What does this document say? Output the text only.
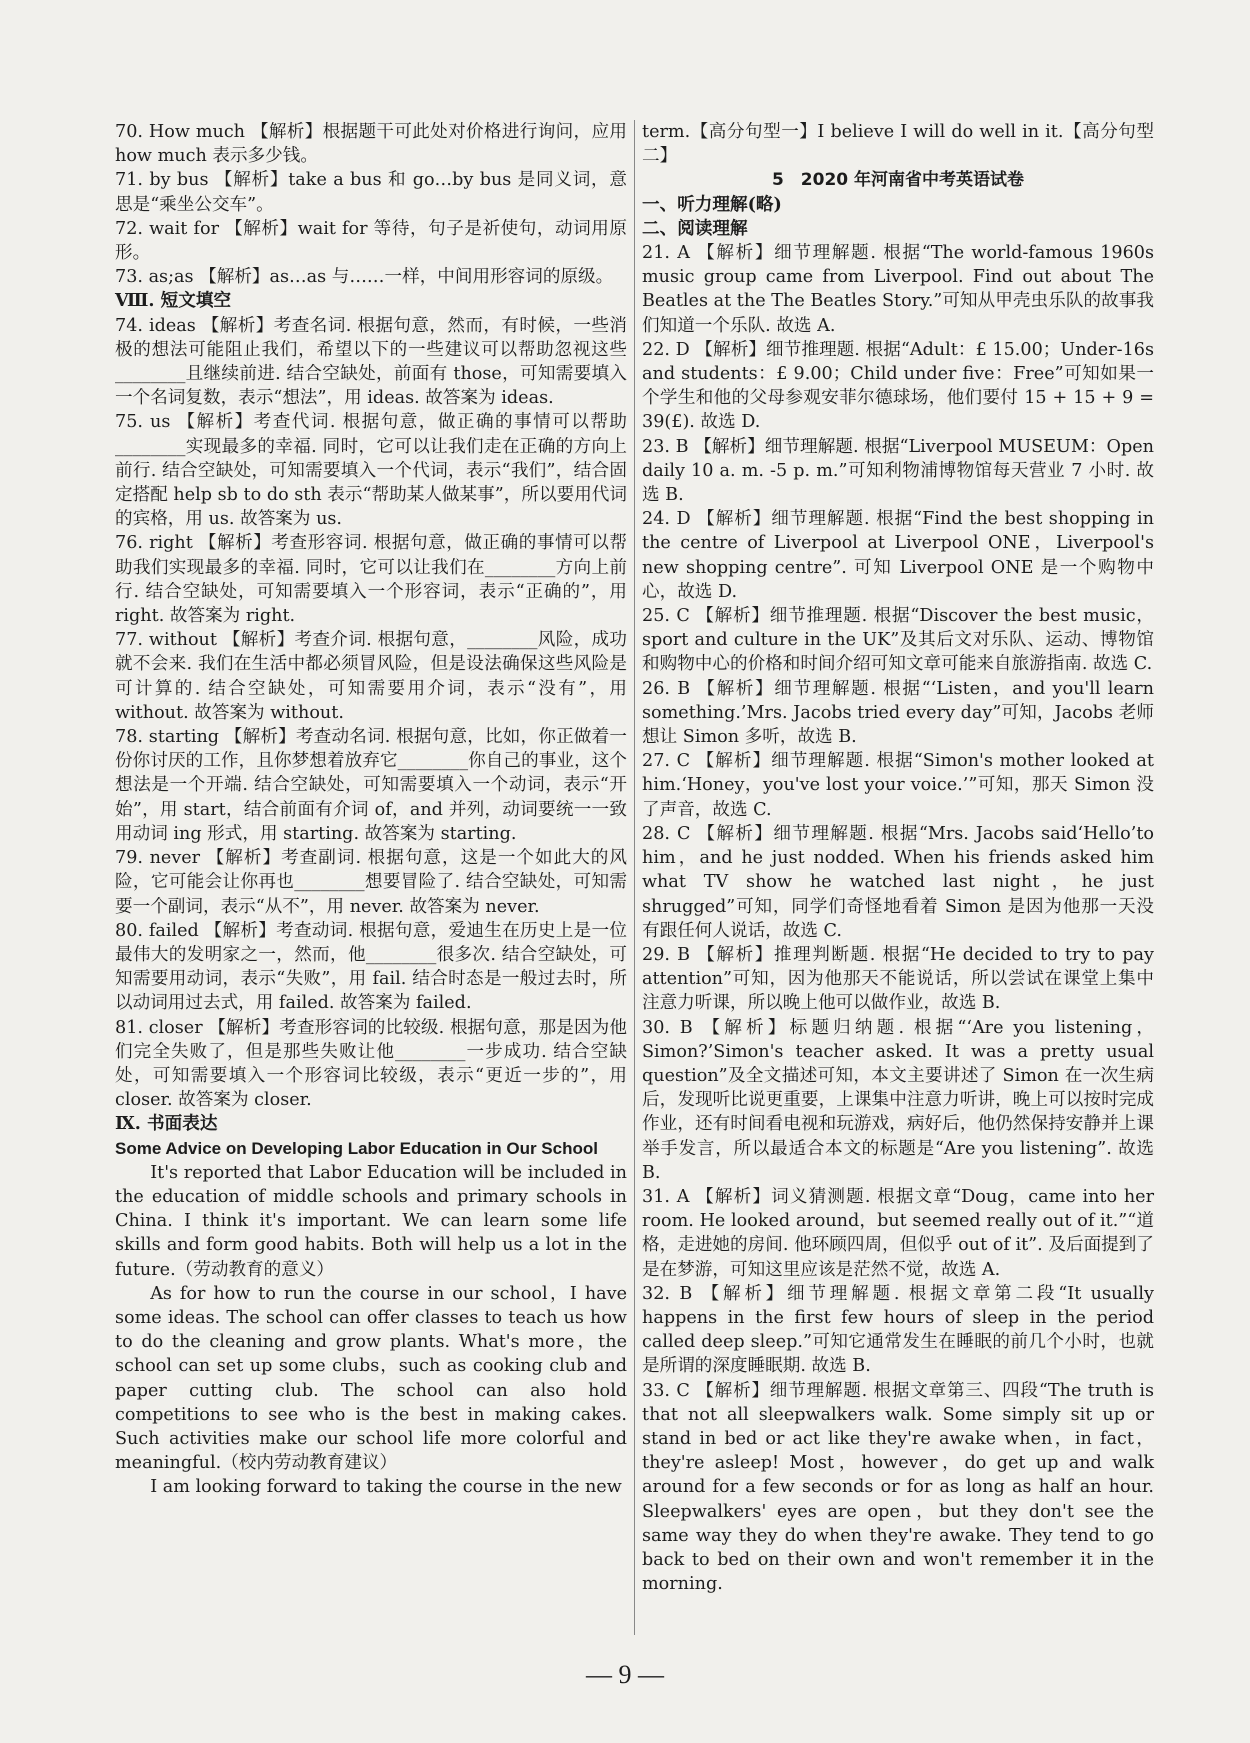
70. How much 【解析】根据题干可此处对价格进行询问，应用 how much 表示多少钱。

71. by bus 【解析】take a bus 和 go…by bus 是同义词，意思是“乘坐公交车”。

72. wait for 【解析】wait for 等待，句子是祈使句，动词用原形。

73. as;as 【解析】as…as 与……一样，中间用形容词的原级。

Ⅷ. 短文填空

74. ideas 【解析】考查名词. 根据句意，然而，有时候，一些消极的想法可能阻止我们，希望以下的一些建议可以帮助忽视这些________且继续前进. 结合空缺处，前面有 those，可知需要填入一个名词复数，表示“想法”，用 ideas. 故答案为 ideas.

75. us 【解析】考查代词. 根据句意，做正确的事情可以帮助________实现最多的幸福. 同时，它可以让我们走在正确的方向上前行. 结合空缺处，可知需要填入一个代词，表示“我们”，结合固定搭配 help sb to do sth 表示“帮助某人做某事”，所以要用代词的宾格，用 us. 故答案为 us.

76. right 【解析】考查形容词. 根据句意，做正确的事情可以帮助我们实现最多的幸福. 同时，它可以让我们在________方向上前行. 结合空缺处，可知需要填入一个形容词，表示“正确的”，用 right. 故答案为 right.

77. without 【解析】考查介词. 根据句意，________风险，成功就不会来. 我们在生活中都必须冒风险，但是设法确保这些风险是可计算的. 结合空缺处，可知需要用介词，表示“没有”，用 without. 故答案为 without.

78. starting 【解析】考查动名词. 根据句意，比如，你正做着一份你讨厌的工作，且你梦想着放弃它________你自己的事业，这个想法是一个开端. 结合空缺处，可知需要填入一个动词，表示“开始”，用 start，结合前面有介词 of，and 并列，动词要统一一致用动词 ing 形式，用 starting. 故答案为 starting.

79. never 【解析】考查副词. 根据句意，这是一个如此大的风险，它可能会让你再也________想要冒险了. 结合空缺处，可知需要一个副词，表示“从不”，用 never. 故答案为 never.

80. failed 【解析】考查动词. 根据句意，爱迪生在历史上是一位最伟大的发明家之一，然而，他________很多次. 结合空缺处，可知需要用动词，表示“失败”，用 fail. 结合时态是一般过去时，所以动词用过去式，用 failed. 故答案为 failed.

81. closer 【解析】考查形容词的比较级. 根据句意，那是因为他们完全失败了，但是那些失败让他________一步成功. 结合空缺处，可知需要填入一个形容词比较级，表示“更近一步的”，用 closer. 故答案为 closer.

Ⅸ. 书面表达

Some Advice on Developing Labor Education in Our School

It's reported that Labor Education will be included in the education of middle schools and primary schools in China. I think it's important. We can learn some life skills and form good habits. Both will help us a lot in the future.（劳动教育的意义）

As for how to run the course in our school，I have some ideas. The school can offer classes to teach us how to do the cleaning and grow plants. What's more，the school can set up some clubs，such as cooking club and paper cutting club. The school can also hold competitions to see who is the best in making cakes. Such activities make our school life more colorful and meaningful.（校内劳动教育建议）

I am looking forward to taking the course in the new

term.【高分句型一】I believe I will do well in it.【高分句型二】

5　2020 年河南省中考英语试卷

一、听力理解(略)

二、阅读理解

21. A 【解析】细节理解题. 根据“The world-famous 1960s music group came from Liverpool. Find out about The Beatles at the The Beatles Story.”可知从甲壳虫乐队的故事我们知道一个乐队. 故选 A.

22. D 【解析】细节推理题. 根据“Adult：£ 15.00；Under-16s and students：£ 9.00；Child under five：Free”可知如果一个学生和他的父母参观安菲尔德球场，他们要付 15 + 15 + 9 = 39(£). 故选 D.

23. B 【解析】细节理解题. 根据“Liverpool MUSEUM：Open daily 10 a. m. -5 p. m.”可知利物浦博物馆每天营业 7 小时. 故选 B.

24. D 【解析】细节理解题. 根据“Find the best shopping in the centre of Liverpool at Liverpool ONE，Liverpool's new shopping centre”. 可知 Liverpool ONE 是一个购物中心，故选 D.

25. C 【解析】细节推理题. 根据“Discover the best music，sport and culture in the UK”及其后文对乐队、运动、博物馆和购物中心的价格和时间介绍可知文章可能来自旅游指南. 故选 C.

26. B 【解析】细节理解题. 根据“‘Listen，and you'll learn something.’Mrs. Jacobs tried every day”可知，Jacobs 老师想让 Simon 多听，故选 B.

27. C 【解析】细节理解题. 根据“Simon's mother looked at him.‘Honey，you've lost your voice.’”可知，那天 Simon 没了声音，故选 C.

28. C 【解析】细节理解题. 根据“Mrs. Jacobs said‘Hello’to him，and he just nodded. When his friends asked him what TV show he watched last night，he just shrugged”可知，同学们奇怪地看着 Simon 是因为他那一天没有跟任何人说话，故选 C.

29. B 【解析】推理判断题. 根据“He decided to try to pay attention”可知，因为他那天不能说话，所以尝试在课堂上集中注意力听课，所以晚上他可以做作业，故选 B.

30. B 【解析】标题归纳题. 根据“‘Are you listening，Simon?’Simon's teacher asked. It was a pretty usual question”及全文描述可知，本文主要讲述了 Simon 在一次生病后，发现听比说更重要，上课集中注意力听讲，晚上可以按时完成作业，还有时间看电视和玩游戏，病好后，他仍然保持安静并上课举手发言，所以最适合本文的标题是“Are you listening”. 故选 B.

31. A 【解析】词义猜测题. 根据文章“Doug，came into her room. He looked around，but seemed really out of it.”“道格，走进她的房间. 他环顾四周，但似乎 out of it”. 及后面提到了是在梦游，可知这里应该是茫然不觉，故选 A.

32. B 【解析】细节理解题. 根据文章第二段“It usually happens in the first few hours of sleep in the period called deep sleep.”可知它通常发生在睡眠的前几个小时，也就是所谓的深度睡眠期. 故选 B.

33. C 【解析】细节理解题. 根据文章第三、四段“The truth is that not all sleepwalkers walk. Some simply sit up or stand in bed or act like they're awake when，in fact，they're asleep! Most，however，do get up and walk around for a few seconds or for as long as half an hour. Sleepwalkers' eyes are open，but they don't see the same way they do when they're awake. They tend to go back to bed on their own and won't remember it in the morning.

— 9 —
